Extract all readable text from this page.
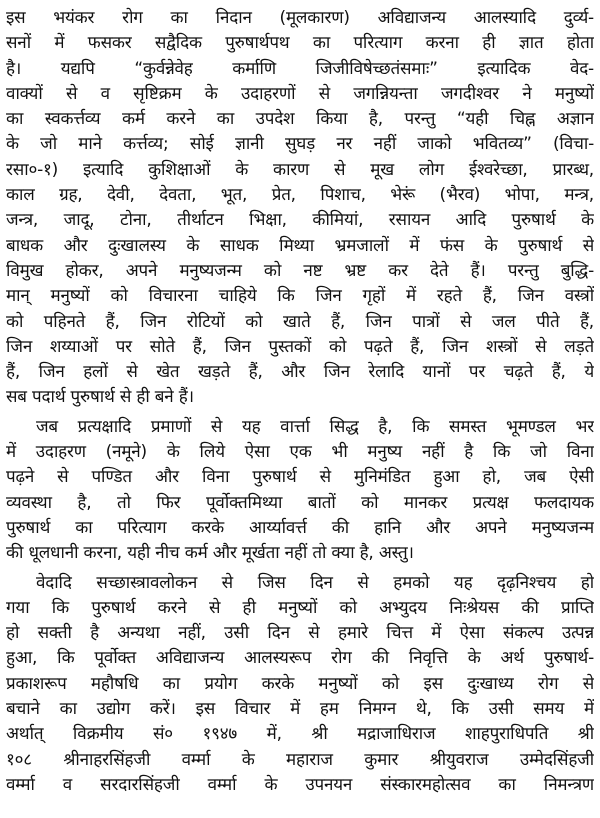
इस भयंकर रोग का निदान (मूलकारण) अविद्याजन्य आलस्यादि दुर्व्य-
सनों में फसकर सद्वैदिक पुरुषार्थपथ का परित्याग करना ही ज्ञात होता
है। यद्यपि “कुर्वन्नेवेह कर्माणि जिजीविषेच्छतंसमाः” इत्यादिक वेद-
वाक्यों से व सृष्टिक्रम के उदाहरणों से जगन्नियन्ता जगदीश्वर ने मनुष्यों
का स्वकर्त्तव्य कर्म करने का उपदेश किया है, परन्तु “यही चिह्न अज्ञान
के जो माने कर्त्तव्य; सोई ज्ञानी सुघड़ नर नहीं जाको भवितव्य” (विचा-
रसा०-१) इत्यादि कुशिक्षाओं के कारण से मूख लोग ईश्वरेच्छा, प्रारब्ध,
काल ग्रह, देवी, देवता, भूत, प्रेत, पिशाच, भेरूं (भैरव) भोपा, मन्त्र,
जन्त्र, जादू, टोना, तीर्थाटन भिक्षा, कीमियां, रसायन आदि पुरुषार्थ के
बाधक और दुःखालस्य के साधक मिथ्या भ्रमजालों में फंस के पुरुषार्थ से
विमुख होकर, अपने मनुष्यजन्म को नष्ट भ्रष्ट कर देते हैं। परन्तु बुद्धि-
मान् मनुष्यों को विचारना चाहिये कि जिन गृहों में रहते हैं, जिन वस्त्रों
को पहिनते हैं, जिन रोटियों को खाते हैं, जिन पात्रों से जल पीते हैं,
जिन शय्याओं पर सोते हैं, जिन पुस्तकों को पढ़ते हैं, जिन शस्त्रों से लड़ते
हैं, जिन हलों से खेत खड़ते हैं, और जिन रेलादि यानों पर चढ़ते हैं, ये
सब पदार्थ पुरुषार्थ से ही बने हैं।
जब प्रत्यक्षादि प्रमाणों से यह वार्त्ता सिद्ध है, कि समस्त भूमण्डल भर
में उदाहरण (नमूने) के लिये ऐसा एक भी मनुष्य नहीं है कि जो विना
पढ़ने से पण्डित और विना पुरुषार्थ से मुनिमंडित हुआ हो, जब ऐसी
व्यवस्था है, तो फिर पूर्वोक्तमिथ्या बातों को मानकर प्रत्यक्ष फलदायक
पुरुषार्थ का परित्याग करके आर्य्यावर्त्त की हानि और अपने मनुष्यजन्म
की धूलधानी करना, यही नीच कर्म और मूर्खता नहीं तो क्या है, अस्तु।
वेदादि सच्छास्त्रावलोकन से जिस दिन से हमको यह दृढ़निश्चय हो
गया कि पुरुषार्थ करने से ही मनुष्यों को अभ्युदय निःश्रेयस की प्राप्ति
हो सक्ती है अन्यथा नहीं, उसी दिन से हमारे चित्त में ऐसा संकल्प उत्पन्न
हुआ, कि पूर्वोक्त अविद्याजन्य आलस्यरूप रोग की निवृत्ति के अर्थ पुरुषार्थ-
प्रकाशरूप महौषधि का प्रयोग करके मनुष्यों को इस दुःखाध्य रोग से
बचाने का उद्योग करें। इस विचार में हम निमग्न थे, कि उसी समय में
अर्थात् विक्रमीय सं० १९४७ में, श्री मद्राजाधिराज शाहपुराधिपति श्री
१०८ श्रीनाहरसिंहजी वर्म्मा के महाराज कुमार श्रीयुवराज उम्मेदसिंहजी
वर्म्मा व सरदारसिंहजी वर्म्मा के उपनयन संस्कारमहोत्सव का निमन्त्रण
